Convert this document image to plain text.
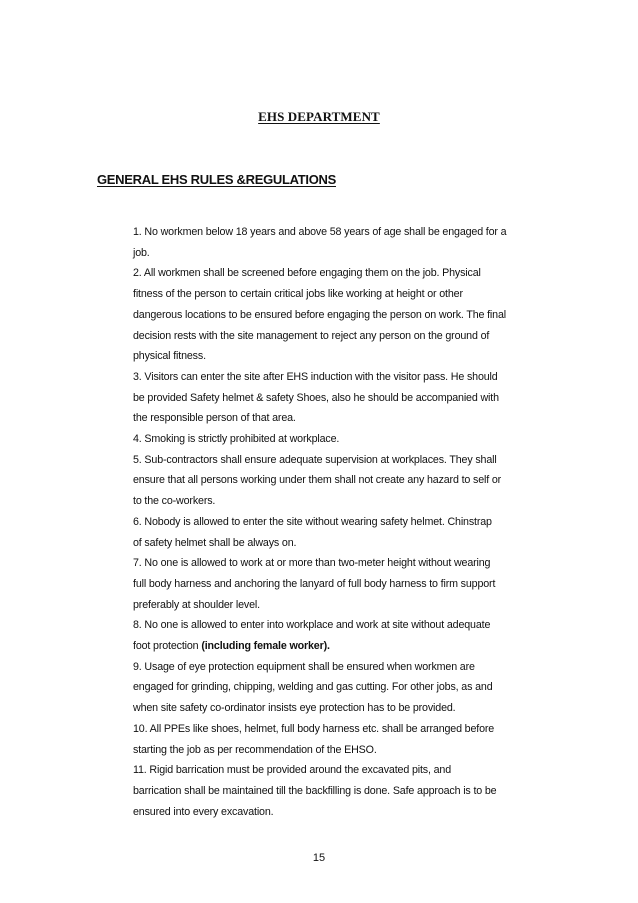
EHS DEPARTMENT
GENERAL EHS RULES &REGULATIONS
1. No workmen below 18 years and above 58 years of age shall be engaged for a
job.
2. All workmen shall be screened before engaging them on the job. Physical
fitness of the person to certain critical jobs like working at height or other
dangerous locations to be ensured before engaging the person on work. The final
decision rests with the site management to reject any person on the ground of
physical fitness.
3. Visitors can enter the site after EHS induction with the visitor pass. He should
be provided Safety helmet & safety Shoes, also he should be accompanied with
the responsible person of that area.
4. Smoking is strictly prohibited at workplace.
5. Sub-contractors shall ensure adequate supervision at workplaces. They shall
ensure that all persons working under them shall not create any hazard to self or
to the co-workers.
6. Nobody is allowed to enter the site without wearing safety helmet. Chinstrap
of safety helmet shall be always on.
7. No one is allowed to work at or more than two-meter height without wearing
full body harness and anchoring the lanyard of full body harness to firm support
preferably at shoulder level.
8. No one is allowed to enter into workplace and work at site without adequate
foot protection (including female worker).
9. Usage of eye protection equipment shall be ensured when workmen are
engaged for grinding, chipping, welding and gas cutting. For other jobs, as and
when site safety co-ordinator insists eye protection has to be provided.
10. All PPEs like shoes, helmet, full body harness etc. shall be arranged before
starting the job as per recommendation of the EHSO.
11. Rigid barrication must be provided around the excavated pits, and
barrication shall be maintained till the backfilling is done. Safe approach is to be
ensured into every excavation.
15
